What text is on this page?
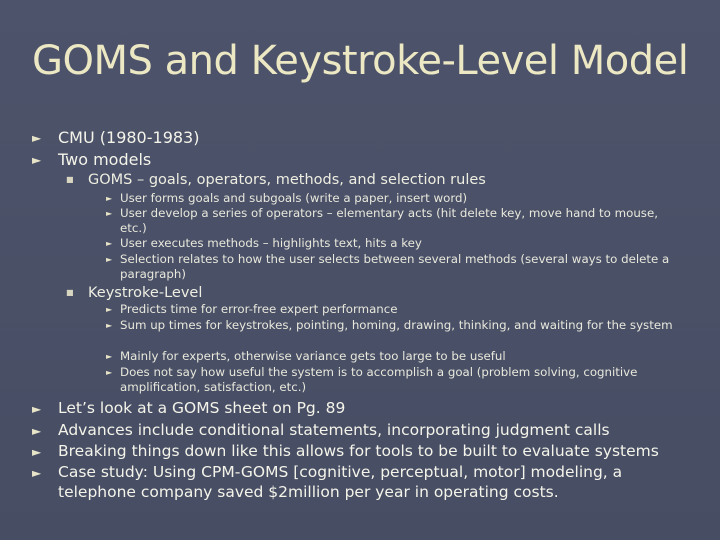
GOMS and Keystroke-Level Model
► CMU (1980-1983)
► Two models
■ GOMS – goals, operators, methods, and selection rules
► User forms goals and subgoals (write a paper, insert word)
► User develop a series of operators – elementary acts (hit delete key, move hand to mouse, etc.)
► User executes methods – highlights text, hits a key
► Selection relates to how the user selects between several methods (several ways to delete a paragraph)
■ Keystroke-Level
► Predicts time for error-free expert performance
► Sum up times for keystrokes, pointing, homing, drawing, thinking, and waiting for the system
► Mainly for experts, otherwise variance gets too large to be useful
► Does not say how useful the system is to accomplish a goal (problem solving, cognitive amplification, satisfaction, etc.)
► Let’s look at a GOMS sheet on Pg. 89
► Advances include conditional statements, incorporating judgment calls
► Breaking things down like this allows for tools to be built to evaluate systems
► Case study: Using CPM-GOMS [cognitive, perceptual, motor] modeling, a telephone company saved $2million per year in operating costs.
